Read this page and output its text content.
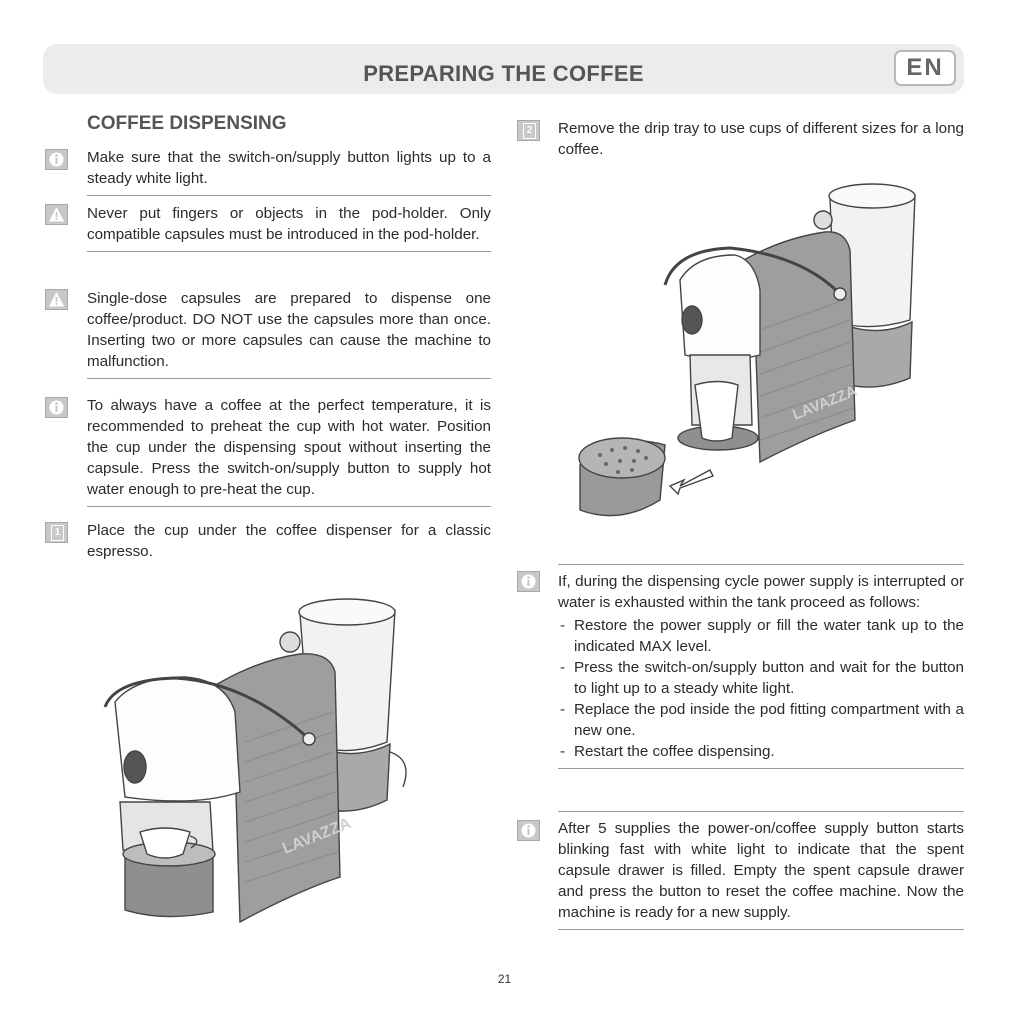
PREPARING THE COFFEE	EN
COFFEE DISPENSING
Make sure that the switch-on/supply button lights up to a steady white light.
Never put fingers or objects in the pod-holder. Only compatible capsules must be introduced in the pod-holder.
Single-dose capsules are prepared to dispense one coffee/product. DO NOT use the capsules more than once. Inserting two or more capsules can cause the machine to malfunction.
To always have a coffee at the perfect temperature, it is recommended to preheat the cup with hot water. Position the cup under the dispensing spout without inserting the capsule. Press the switch-on/supply button to supply hot water enough to pre-heat the cup.
1 Place the cup under the coffee dispenser for a classic espresso.
LAVAZZA
2 Remove the drip tray to use cups of different sizes for a long coffee.
LAVAZZA
If, during the dispensing cycle power supply is interrupted or water is exhausted within the tank proceed as follows:
- Restore the power supply or fill the water tank up to the indicated MAX level.
- Press the switch-on/supply button and wait for the button to light up to a steady white light.
- Replace the pod inside the pod fitting compartment with a new one.
- Restart the coffee dispensing.
After 5 supplies the power-on/coffee supply button starts blinking fast with white light to indicate that the spent capsule drawer is filled. Empty the spent capsule drawer and press the button to reset the coffee machine. Now the machine is ready for a new supply.
21
